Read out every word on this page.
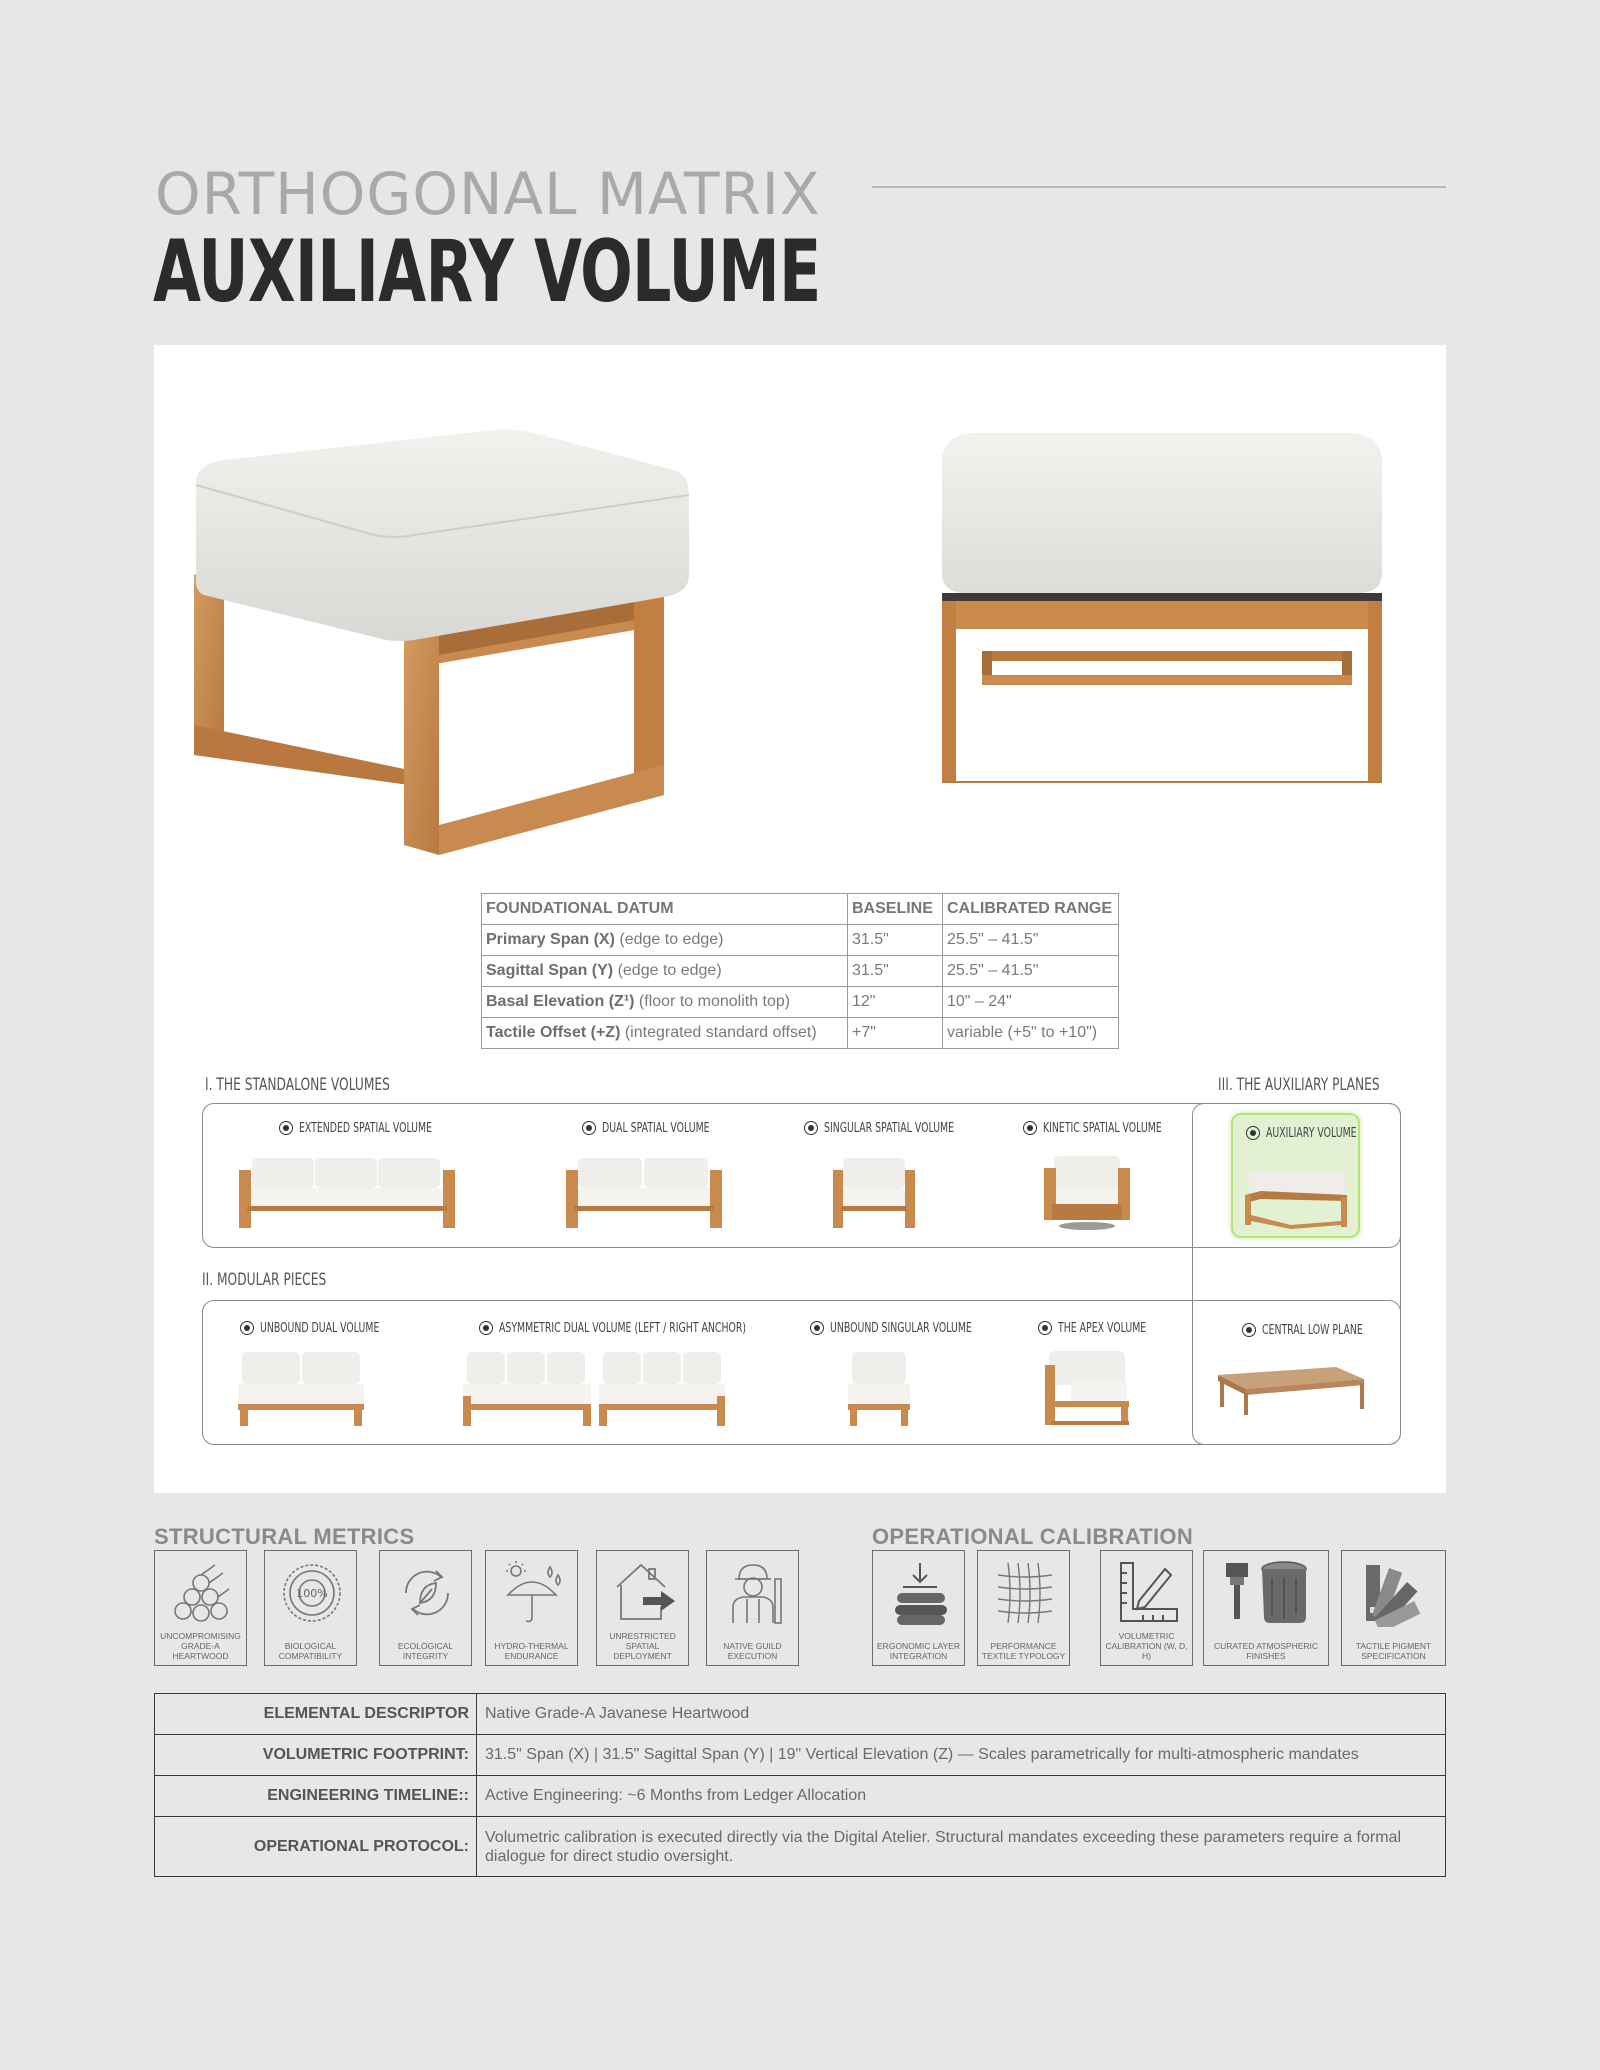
ORTHOGONAL MATRIX
AUXILIARY VOLUME
FOUNDATIONAL DATUM	BASELINE	CALIBRATED RANGE
Primary Span (X) (edge to edge)	31.5"	25.5" – 41.5"
Sagittal Span (Y) (edge to edge)	31.5"	25.5" – 41.5"
Basal Elevation (Z¹) (floor to monolith top)	12"	10" – 24"
Tactile Offset (+Z) (integrated standard offset)	+7"	variable (+5" to +10")
I. THE STANDALONE VOLUMES	III. THE AUXILIARY PLANES
II. MODULAR PIECES
EXTENDED SPATIAL VOLUME	DUAL SPATIAL VOLUME	SINGULAR SPATIAL VOLUME	KINETIC SPATIAL VOLUME	AUXILIARY VOLUME
UNBOUND DUAL VOLUME	ASYMMETRIC DUAL VOLUME (LEFT / RIGHT ANCHOR)	UNBOUND SINGULAR VOLUME	THE APEX VOLUME	CENTRAL LOW PLANE
STRUCTURAL METRICS	OPERATIONAL CALIBRATION
UNCOMPROMISING GRADE-A HEARTWOOD
100%
BIOLOGICAL COMPATIBILITY
ECOLOGICAL INTEGRITY
HYDRO-THERMAL ENDURANCE
UNRESTRICTED SPATIAL DEPLOYMENT
NATIVE GUILD EXECUTION
ERGONOMIC LAYER INTEGRATION
PERFORMANCE TEXTILE TYPOLOGY
VOLUMETRIC CALIBRATION (W, D, H)
CURATED ATMOSPHERIC FINISHES
TACTILE PIGMENT SPECIFICATION
ELEMENTAL DESCRIPTOR	Native Grade-A Javanese Heartwood
VOLUMETRIC FOOTPRINT:	31.5" Span (X) | 31.5" Sagittal Span (Y) | 19" Vertical Elevation (Z) — Scales parametrically for multi-atmospheric mandates
ENGINEERING TIMELINE::	Active Engineering: ~6 Months from Ledger Allocation
OPERATIONAL PROTOCOL:	Volumetric calibration is executed directly via the Digital Atelier. Structural mandates exceeding these parameters require a formal dialogue for direct studio oversight.
